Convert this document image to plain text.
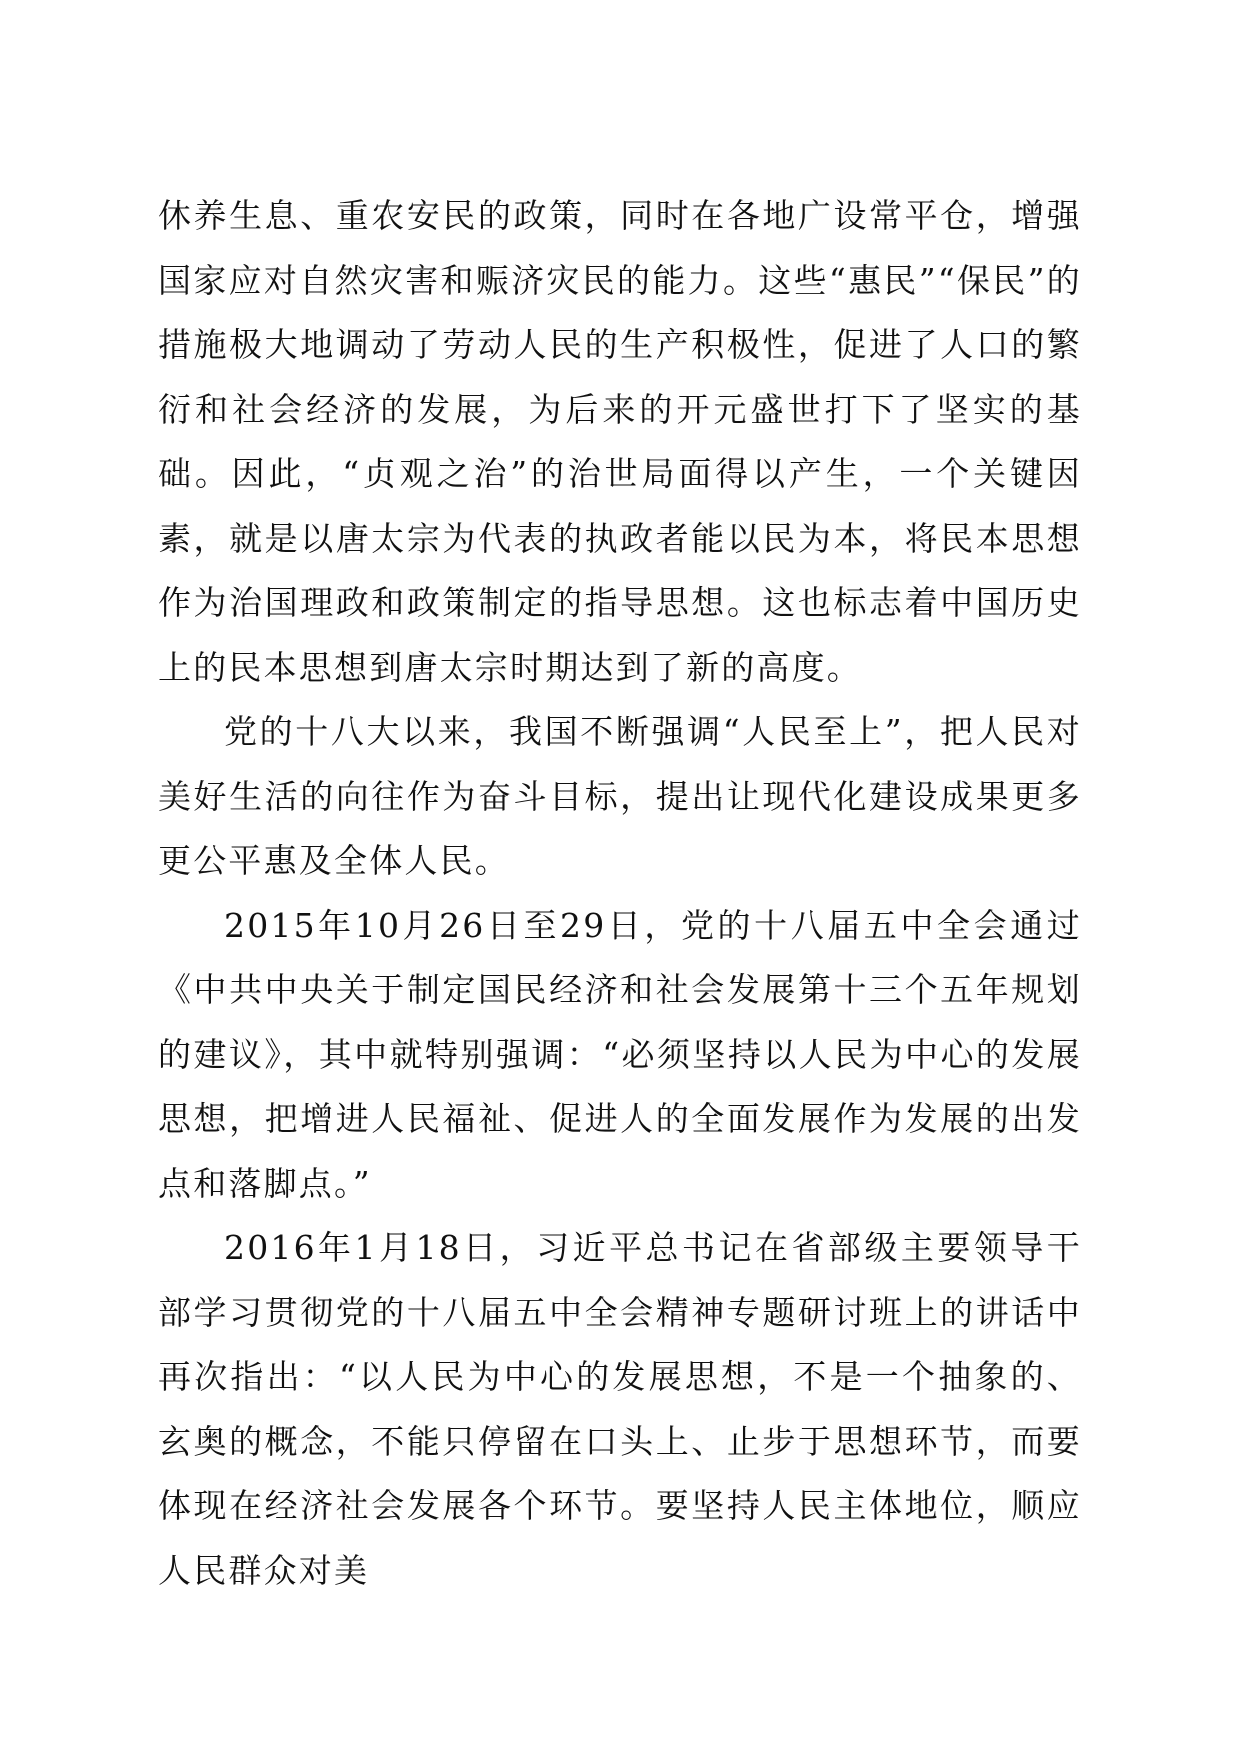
休养生息、重农安民的政策，同时在各地广设常平仓，增强国家应对自然灾害和赈济灾民的能力。这些“惠民”“保民”的措施极大地调动了劳动人民的生产积极性，促进了人口的繁衍和社会经济的发展，为后来的开元盛世打下了坚实的基础。因此，“贞观之治”的治世局面得以产生，一个关键因素，就是以唐太宗为代表的执政者能以民为本，将民本思想作为治国理政和政策制定的指导思想。这也标志着中国历史上的民本思想到唐太宗时期达到了新的高度。

党的十八大以来，我国不断强调“人民至上”，把人民对美好生活的向往作为奋斗目标，提出让现代化建设成果更多更公平惠及全体人民。

2015年10月26日至29日，党的十八届五中全会通过《中共中央关于制定国民经济和社会发展第十三个五年规划的建议》，其中就特别强调：“必须坚持以人民为中心的发展思想，把增进人民福祉、促进人的全面发展作为发展的出发点和落脚点。”

2016年1月18日，习近平总书记在省部级主要领导干部学习贯彻党的十八届五中全会精神专题研讨班上的讲话中再次指出：“以人民为中心的发展思想，不是一个抽象的、玄奥的概念，不能只停留在口头上、止步于思想环节，而要体现在经济社会发展各个环节。要坚持人民主体地位，顺应人民群众对美
